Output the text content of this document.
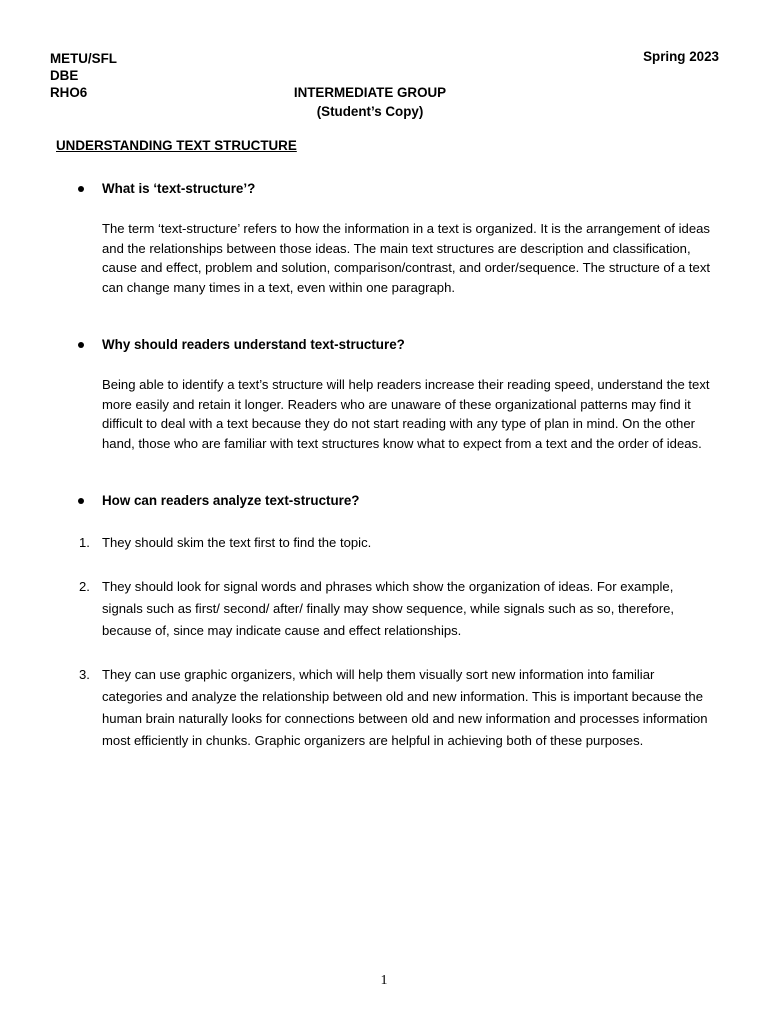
METU/SFL
DBE
RHO6
Spring 2023
INTERMEDIATE GROUP
(Student’s Copy)
UNDERSTANDING TEXT STRUCTURE
What is ‘text-structure’?
The term ‘text-structure’ refers to how the information in a text is organized. It is the arrangement of ideas and the relationships between those ideas. The main text structures are description and classification, cause and effect, problem and solution, comparison/contrast, and order/sequence. The structure of a text can change many times in a text, even within one paragraph.
Why should readers understand text-structure?
Being able to identify a text’s structure will help readers increase their reading speed, understand the text more easily and retain it longer. Readers who are unaware of these organizational patterns may find it difficult to deal with a text because they do not start reading with any type of plan in mind. On the other hand, those who are familiar with text structures know what to expect from a text and the order of ideas.
How can readers analyze text-structure?
1. They should skim the text first to find the topic.
2. They should look for signal words and phrases which show the organization of ideas. For example, signals such as first/ second/ after/ finally may show sequence, while signals such as so, therefore, because of, since may indicate cause and effect relationships.
3. They can use graphic organizers, which will help them visually sort new information into familiar categories and analyze the relationship between old and new information. This is important because the human brain naturally looks for connections between old and new information and processes information most efficiently in chunks. Graphic organizers are helpful in achieving both of these purposes.
1
